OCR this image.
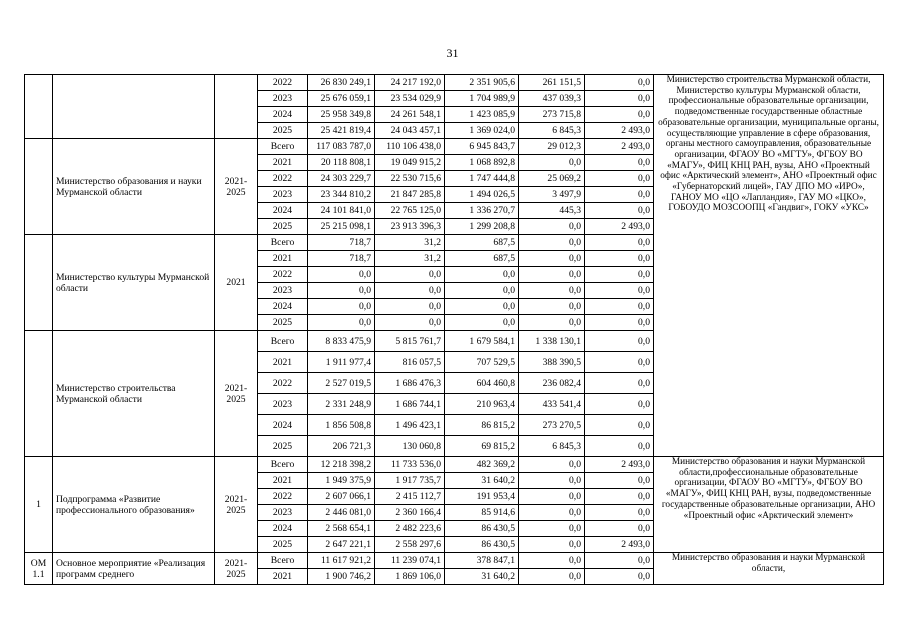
31
			2022	26 830 249,1	24 217 192,0	2 351 905,6	261 151,5	0,0	Министерство строительства Мурманской области, Министерство культуры Мурманской области, профессиональные образовательные организации, подведомственные государственные областные образовательные организации, муниципальные органы, осуществляющие управление в сфере образования, органы местного самоуправления, образовательные организации, ФГАОУ ВО «МГТУ», ФГБОУ ВО «МАГУ», ФИЦ КНЦ РАН, вузы, АНО «Проектный офис «Арктический элемент», АНО «Проектный офис «Губернаторский лицей», ГАУ ДПО МО «ИРО», ГАНОУ МО «ЦО «Лапландия», ГАУ МО «ЦКО», ГОБОУДО МОЗСООПЦ «Гандвиг», ГОКУ «УКС»
			2023	25 676 059,1	23 534 029,9	1 704 989,9	437 039,3	0,0	
			2024	25 958 349,8	24 261 548,1	1 423 085,9	273 715,8	0,0	
			2025	25 421 819,4	24 043 457,1	1 369 024,0	6 845,3	2 493,0	
	Министерство образования и науки Мурманской области	2021-2025	Всего	117 083 787,0	110 106 438,0	6 945 843,7	29 012,3	2 493,0	
			2021	20 118 808,1	19 049 915,2	1 068 892,8	0,0	0,0	
			2022	24 303 229,7	22 530 715,6	1 747 444,8	25 069,2	0,0	
			2023	23 344 810,2	21 847 285,8	1 494 026,5	3 497,9	0,0	
			2024	24 101 841,0	22 765 125,0	1 336 270,7	445,3	0,0	
			2025	25 215 098,1	23 913 396,3	1 299 208,8	0,0	2 493,0	
	Министерство культуры Мурманской области	2021	Всего	718,7	31,2	687,5	0,0	0,0	
			2021	718,7	31,2	687,5	0,0	0,0	
			2022	0,0	0,0	0,0	0,0	0,0	
			2023	0,0	0,0	0,0	0,0	0,0	
			2024	0,0	0,0	0,0	0,0	0,0	
			2025	0,0	0,0	0,0	0,0	0,0	
	Министерство строительства Мурманской области	2021-2025	Всего	8 833 475,9	5 815 761,7	1 679 584,1	1 338 130,1	0,0	
			2021	1 911 977,4	816 057,5	707 529,5	388 390,5	0,0	
			2022	2 527 019,5	1 686 476,3	604 460,8	236 082,4	0,0	
			2023	2 331 248,9	1 686 744,1	210 963,4	433 541,4	0,0	
			2024	1 856 508,8	1 496 423,1	86 815,2	273 270,5	0,0	
			2025	206 721,3	130 060,8	69 815,2	6 845,3	0,0	
1	Подпрограмма «Развитие профессионального образования»	2021-2025	Всего	12 218 398,2	11 733 536,0	482 369,2	0,0	2 493,0	Министерство образования и науки Мурманской области,профессиональные образовательные организации, ФГАОУ ВО «МГТУ», ФГБОУ ВО «МАГУ», ФИЦ КНЦ РАН, вузы, подведомственные государственные образовательные организации, АНО «Проектный офис «Арктический элемент»
			2021	1 949 375,9	1 917 735,7	31 640,2	0,0	0,0	
			2022	2 607 066,1	2 415 112,7	191 953,4	0,0	0,0	
			2023	2 446 081,0	2 360 166,4	85 914,6	0,0	0,0	
			2024	2 568 654,1	2 482 223,6	86 430,5	0,0	0,0	
			2025	2 647 221,1	2 558 297,6	86 430,5	0,0	2 493,0	
ОМ 1.1	Основное мероприятие «Реализация программ среднего	2021-2025	Всего	11 617 921,2	11 239 074,1	378 847,1	0,0	0,0	Министерство образования и науки Мурманской области,
			2021	1 900 746,2	1 869 106,0	31 640,2	0,0	0,0	
